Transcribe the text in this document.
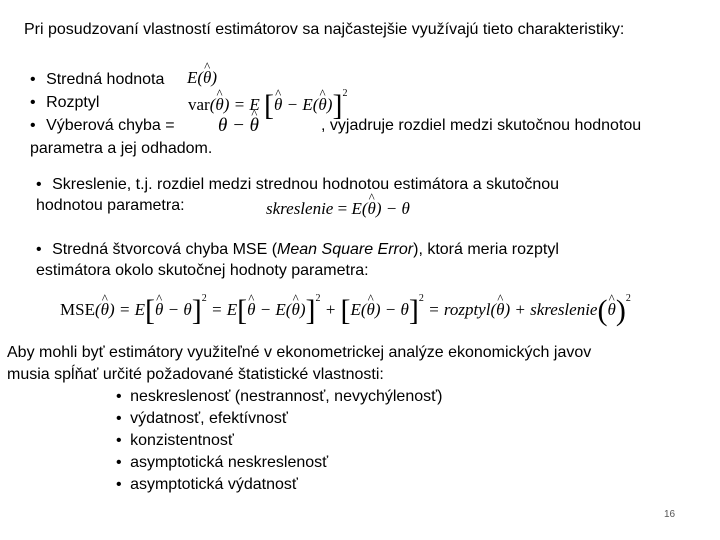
Pri posudzovaní vlastností estimátorov sa najčastejšie využívajú tieto charakteristiky:
• Stredná hodnota E(^ θ)
• Rozptyl	var(^ θ) = E [^ θ − E(^ θ)]$^2$
• Výberová chyba = θ − ^ θ	, vyjadruje rozdiel medzi skutočnou hodnotou
parametra a jej odhadom.
• Skreslenie, t.j. rozdiel medzi strednou hodnotou estimátora a skutočnou
hodnotou parametra:	skreslenie = E(^ θ) − θ
• Stredná štvorcová chyba MSE (Mean Square Error), ktorá meria rozptyl
estimátora okolo skutočnej hodnoty parametra:
MSE(^ θ) = E[^ θ − θ]$^2$ = E[^ θ − E(^ θ)]$^2$ + [E(^ θ) − θ]$^2$ = rozptyl(^ θ) + skreslenie(^ θ)$^2$
Aby mohli byť estimátory využiteľné v ekonometrickej analýze ekonomických javov
musia spĺňať určité požadované štatistické vlastnosti:
• neskreslenosť (nestrannosť, nevychýlenosť)
• výdatnosť, efektívnosť
• konzistentnosť
• asymptotická neskreslenosť
• asymptotická výdatnosť
16
